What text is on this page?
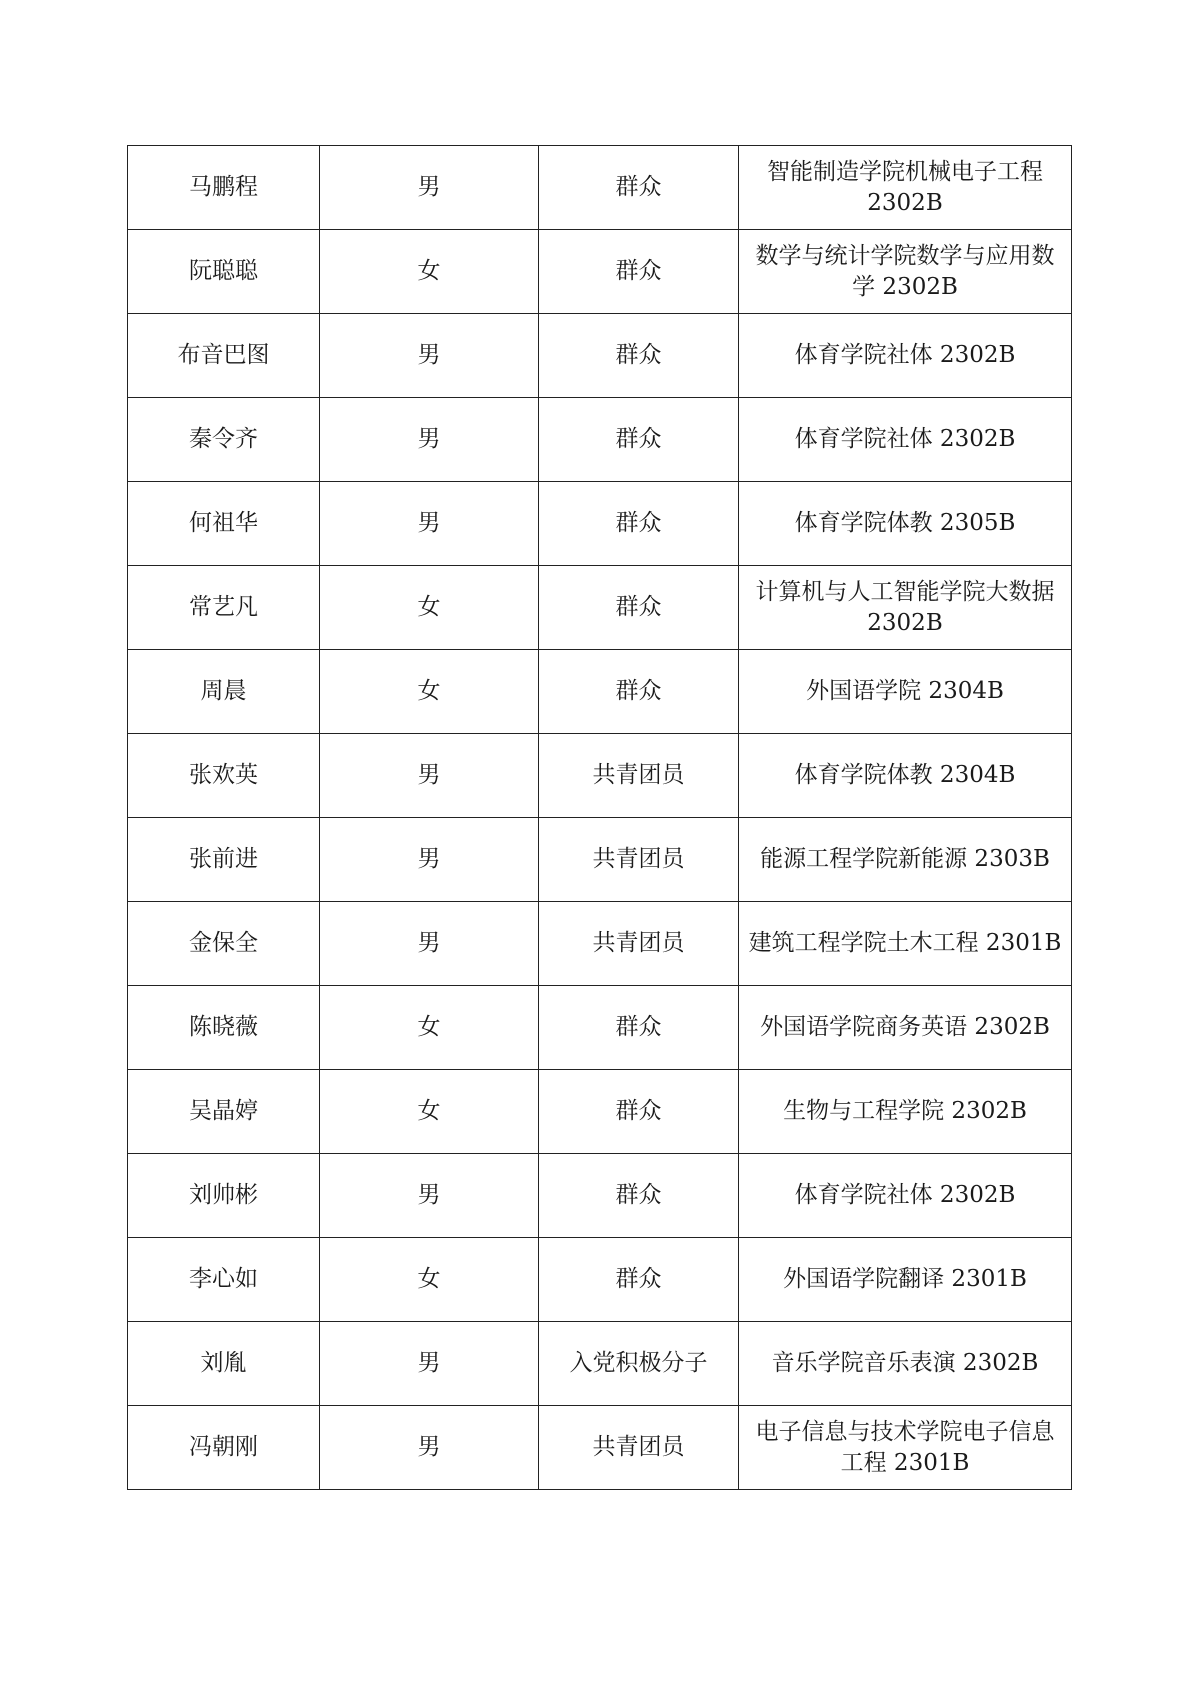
马鹏程	男	群众	智能制造学院机械电子工程 2302B
阮聪聪	女	群众	数学与统计学院数学与应用数学 2302B
布音巴图	男	群众	体育学院社体 2302B
秦令齐	男	群众	体育学院社体 2302B
何祖华	男	群众	体育学院体教 2305B
常艺凡	女	群众	计算机与人工智能学院大数据 2302B
周晨	女	群众	外国语学院 2304B
张欢英	男	共青团员	体育学院体教 2304B
张前进	男	共青团员	能源工程学院新能源 2303B
金保全	男	共青团员	建筑工程学院土木工程 2301B
陈晓薇	女	群众	外国语学院商务英语 2302B
吴晶婷	女	群众	生物与工程学院 2302B
刘帅彬	男	群众	体育学院社体 2302B
李心如	女	群众	外国语学院翻译 2301B
刘胤	男	入党积极分子	音乐学院音乐表演 2302B
冯朝刚	男	共青团员	电子信息与技术学院电子信息工程 2301B
